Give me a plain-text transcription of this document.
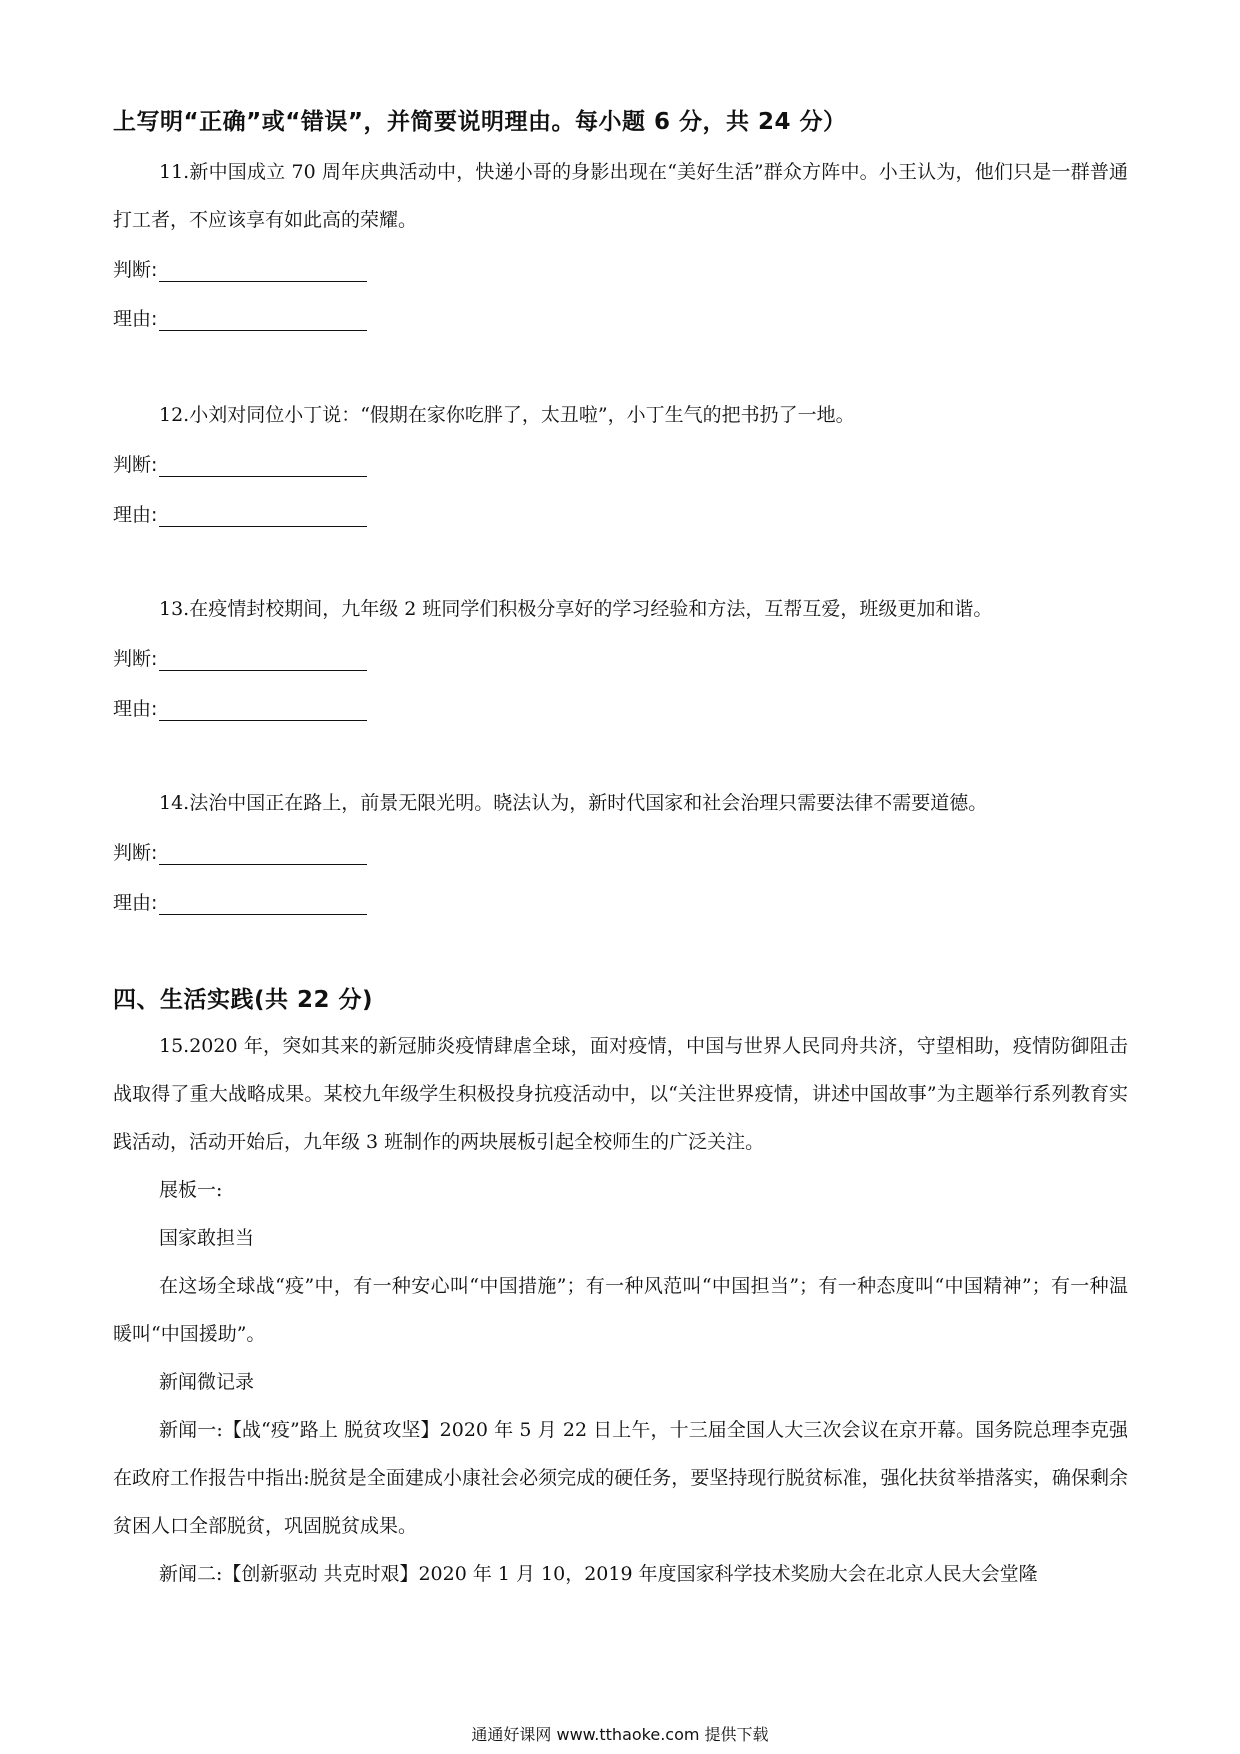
上写明“正确”或“错误”，并简要说明理由。每小题 6 分，共 24 分）
11.新中国成立 70 周年庆典活动中，快递小哥的身影出现在“美好生活”群众方阵中。小王认为，他们只是一群普通打工者，不应该享有如此高的荣耀。
判断:
理由:
12.小刘对同位小丁说：“假期在家你吃胖了，太丑啦”，小丁生气的把书扔了一地。
判断:
理由:
13.在疫情封校期间，九年级 2 班同学们积极分享好的学习经验和方法，互帮互爱，班级更加和谐。
判断:
理由:
14.法治中国正在路上，前景无限光明。晓法认为，新时代国家和社会治理只需要法律不需要道德。
判断:
理由:
四、生活实践(共 22 分)
15.2020 年，突如其来的新冠肺炎疫情肆虐全球，面对疫情，中国与世界人民同舟共济，守望相助，疫情防御阻击战取得了重大战略成果。某校九年级学生积极投身抗疫活动中，以“关注世界疫情，讲述中国故事”为主题举行系列教育实践活动，活动开始后，九年级 3 班制作的两块展板引起全校师生的广泛关注。
展板一:
国家敢担当
在这场全球战“疫”中，有一种安心叫“中国措施”；有一种风范叫“中国担当”；有一种态度叫“中国精神”；有一种温暖叫“中国援助”。
新闻微记录
新闻一:【战“疫”路上 脱贫攻坚】2020 年 5 月 22 日上午，十三届全国人大三次会议在京开幕。国务院总理李克强在政府工作报告中指出:脱贫是全面建成小康社会必须完成的硬任务，要坚持现行脱贫标准，强化扶贫举措落实，确保剩余贫困人口全部脱贫，巩固脱贫成果。
新闻二:【创新驱动 共克时艰】2020 年 1 月 10，2019 年度国家科学技术奖励大会在北京人民大会堂隆
通通好课网 www.tthaoke.com 提供下载
